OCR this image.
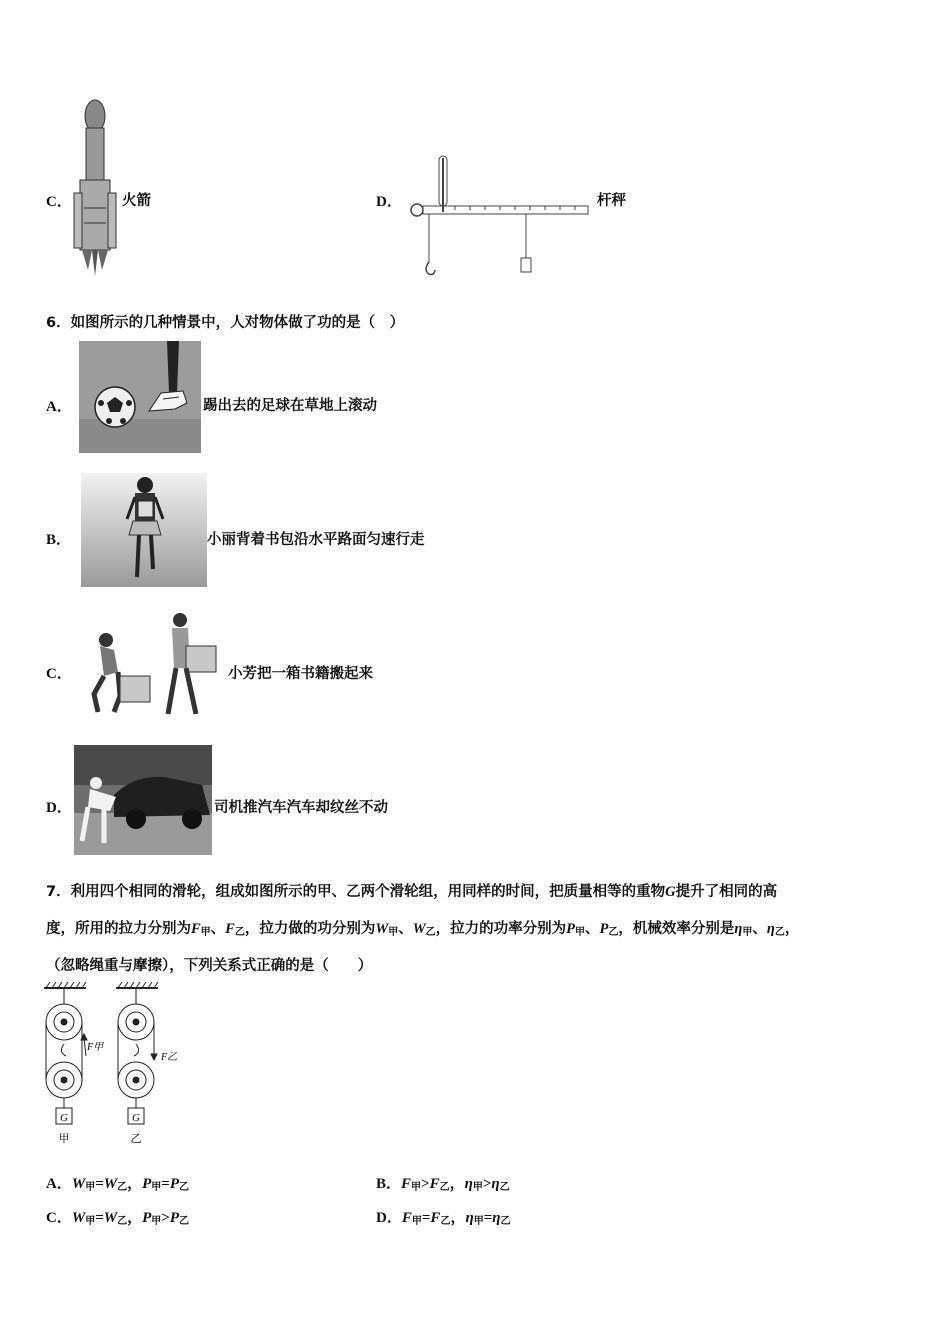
C．	火箭	D．	杆秤
6．如图所示的几种情景中，人对物体做了功的是（　）
A．	踢出去的足球在草地上滚动
B．	小丽背着书包沿水平路面匀速行走
C．	小芳把一箱书籍搬起来
D．	司机推汽车汽车却纹丝不动
7．利用四个相同的滑轮，组成如图所示的甲、乙两个滑轮组，用同样的时间，把质量相等的重物G提升了相同的高
度，所用的拉力分别为$F_甲$、$F_乙$，拉力做的功分别为$W_甲$、$W_乙$，拉力的功率分别为$P_甲$、$P_乙$，机械效率分别是$\eta_甲$、$\eta_乙$，
（忽略绳重与摩擦），下列关系式正确的是（　　）
G	G
F甲
F乙
甲	乙
A．$W_甲=W_乙$，$P_甲=P_乙$	B．$F_甲>F_乙$，$\eta_甲>\eta_乙$
C．$W_甲=W_乙$，$P_甲>P_乙$	D．$F_甲=F_乙$，$\eta_甲=\eta_乙$
